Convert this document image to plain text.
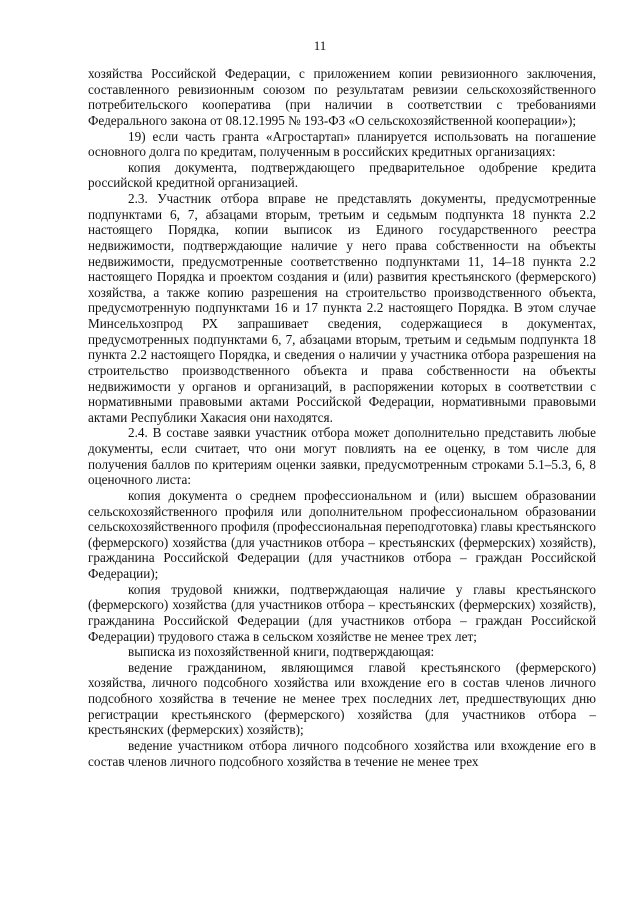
11

хозяйства Российской Федерации, с приложением копии ревизионного заключения, составленного ревизионным союзом по результатам ревизии сельскохозяйственного потребительского кооператива (при наличии в соответствии с требованиями Федерального закона от 08.12.1995 № 193-ФЗ «О сельскохозяйственной кооперации»);

19) если часть гранта «Агростартап» планируется использовать на погашение основного долга по кредитам, полученным в российских кредитных организациях:

копия документа, подтверждающего предварительное одобрение кредита российской кредитной организацией.

2.3. Участник отбора вправе не представлять документы, предусмотренные подпунктами 6, 7, абзацами вторым, третьим и седьмым подпункта 18 пункта 2.2 настоящего Порядка, копии выписок из Единого государственного реестра недвижимости, подтверждающие наличие у него права собственности на объекты недвижимости, предусмотренные соответственно подпунктами 11, 14–18 пункта 2.2 настоящего Порядка и проектом создания и (или) развития крестьянского (фермерского) хозяйства, а также копию разрешения на строительство производственного объекта, предусмотренную подпунктами 16 и 17 пункта 2.2 настоящего Порядка. В этом случае Минсельхозпрод РХ запрашивает сведения, содержащиеся в документах, предусмотренных подпунктами 6, 7, абзацами вторым, третьим и седьмым подпункта 18 пункта 2.2 настоящего Порядка, и сведения о наличии у участника отбора разрешения на строительство производственного объекта и права собственности на объекты недвижимости у органов и организаций, в распоряжении которых в соответствии с нормативными правовыми актами Российской Федерации, нормативными правовыми актами Республики Хакасия они находятся.

2.4. В составе заявки участник отбора может дополнительно представить любые документы, если считает, что они могут повлиять на ее оценку, в том числе для получения баллов по критериям оценки заявки, предусмотренным строками 5.1–5.3, 6, 8 оценочного листа:

копия документа о среднем профессиональном и (или) высшем образовании сельскохозяйственного профиля или дополнительном профессиональном образовании сельскохозяйственного профиля (профессиональная переподготовка) главы крестьянского (фермерского) хозяйства (для участников отбора – крестьянских (фермерских) хозяйств), гражданина Российской Федерации (для участников отбора – граждан Российской Федерации);

копия трудовой книжки, подтверждающая наличие у главы крестьянского (фермерского) хозяйства (для участников отбора – крестьянских (фермерских) хозяйств), гражданина Российской Федерации (для участников отбора – граждан Российской Федерации) трудового стажа в сельском хозяйстве не менее трех лет;

выписка из похозяйственной книги, подтверждающая:

ведение гражданином, являющимся главой крестьянского (фермерского) хозяйства, личного подсобного хозяйства или вхождение его в состав членов личного подсобного хозяйства в течение не менее трех последних лет, предшествующих дню регистрации крестьянского (фермерского) хозяйства (для участников отбора – крестьянских (фермерских) хозяйств);

ведение участником отбора личного подсобного хозяйства или вхождение его в состав членов личного подсобного хозяйства в течение не менее трех
